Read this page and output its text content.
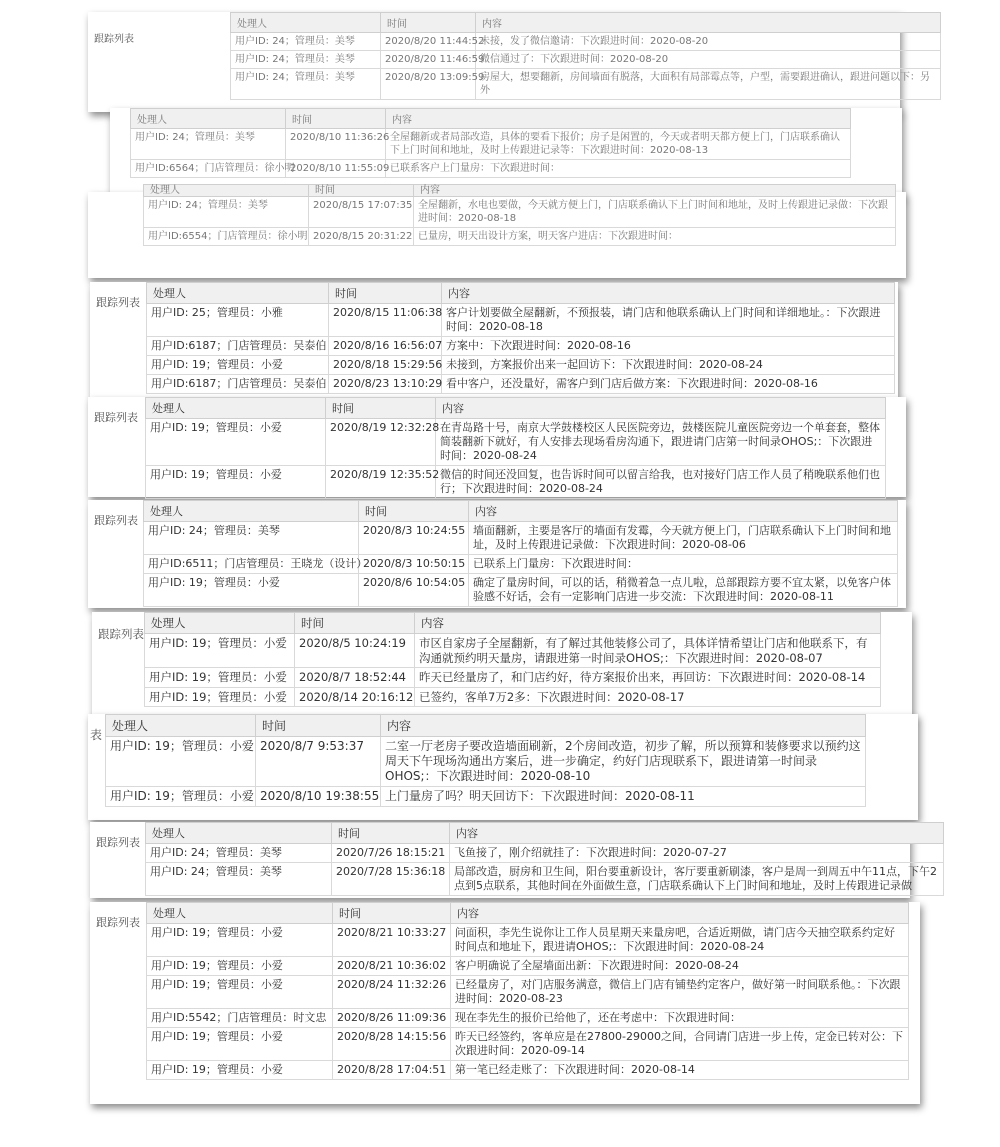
跟踪列表
处理人	时间	内容
用户ID: 24；管理员：美琴	2020/8/20 11:44:52	未接，发了微信邀请：下次跟进时间：2020-08-20
用户ID: 24；管理员：美琴	2020/8/20 11:46:59	微信通过了：下次跟进时间：2020-08-20
用户ID: 24；管理员：美琴	2020/8/20 13:09:59	房屋大，想要翻新，房间墙面有脱落，大面积有局部霉点等，户型，需要跟进确认，跟进问题以下：另外
处理人	时间	内容
用户ID: 24；管理员：美琴	2020/8/10 11:36:26	全屋翻新或者局部改造，具体的要看下报价；房子是闲置的，今天或者明天都方便上门，门店联系确认下上门时间和地址，及时上传跟进记录等：下次跟进时间：2020-08-13
用户ID:6564；门店管理员：徐小明	2020/8/10 11:55:09	已联系客户上门量房：下次跟进时间：
处理人	时间	内容
用户ID: 24；管理员：美琴	2020/8/15 17:07:35	全屋翻新，水电也要做，今天就方便上门，门店联系确认下上门时间和地址，及时上传跟进记录做：下次跟进时间：2020-08-18
用户ID:6554；门店管理员：徐小明	2020/8/15 20:31:22	已量房，明天出设计方案，明天客户进店：下次跟进时间：
跟踪列表
处理人	时间	内容
用户ID: 25；管理员：小雅	2020/8/15 11:06:38	客户计划要做全屋翻新，不预报装，请门店和他联系确认上门时间和详细地址。：下次跟进时间：2020-08-18
用户ID:6187；门店管理员：吴泰伯	2020/8/16 16:56:07	方案中：下次跟进时间：2020-08-16
用户ID: 19；管理员：小爱	2020/8/18 15:29:56	未接到，方案报价出来一起回访下：下次跟进时间：2020-08-24
用户ID:6187；门店管理员：吴泰伯	2020/8/23 13:10:29	看中客户，还没量好，需客户到门店后做方案：下次跟进时间：2020-08-16
跟踪列表
处理人	时间	内容
用户ID: 19；管理员：小爱	2020/8/19 12:32:28	在青岛路十号，南京大学鼓楼校区人民医院旁边，鼓楼医院儿童医院旁边一个单套套，整体简装翻新下就好，有人安排去现场看房沟通下，跟进请门店第一时间录OHOS;：下次跟进时间：2020-08-24
用户ID: 19；管理员：小爱	2020/8/19 12:35:52	微信的时间还没回复，也告诉时间可以留言给我，也对接好门店工作人员了稍晚联系他们也行；下次跟进时间：2020-08-24
跟踪列表
处理人	时间	内容
用户ID: 24；管理员：美琴	2020/8/3 10:24:55	墙面翻新，主要是客厅的墙面有发霉，今天就方便上门，门店联系确认下上门时间和地址，及时上传跟进记录做：下次跟进时间：2020-08-06
用户ID:6511；门店管理员：王晓龙（设计）	2020/8/3 10:50:15	已联系上门量房：下次跟进时间：
用户ID: 19；管理员：小爱	2020/8/6 10:54:05	确定了量房时间，可以的话，稍微着急一点儿啦，总部跟踪方要不宜太紧，以免客户体验感不好话，会有一定影响门店进一步交流：下次跟进时间：2020-08-11
跟踪列表
处理人	时间	内容
用户ID: 19；管理员：小爱	2020/8/5 10:24:19	市区自家房子全屋翻新，有了解过其他装修公司了，具体详情希望让门店和他联系下，有沟通就预约明天量房，请跟进第一时间录OHOS;：下次跟进时间：2020-08-07
用户ID: 19；管理员：小爱	2020/8/7 18:52:44	昨天已经量房了，和门店约好，待方案报价出来，再回访：下次跟进时间：2020-08-14
用户ID: 19；管理员：小爱	2020/8/14 20:16:12	已签约，客单7万2多：下次跟进时间：2020-08-17
表
处理人	时间	内容
用户ID: 19；管理员：小爱	2020/8/7 9:53:37	二室一厅老房子要改造墙面刷新，2个房间改造，初步了解，所以预算和装修要求以预约这周天下午现场沟通出方案后，进一步确定，约好门店现联系下，跟进请第一时间录OHOS;：下次跟进时间：2020-08-10
用户ID: 19；管理员：小爱	2020/8/10 19:38:55	上门量房了吗？明天回访下：下次跟进时间：2020-08-11
跟踪列表
处理人	时间	内容
用户ID: 24；管理员：美琴	2020/7/26 18:15:21	飞鱼接了，刚介绍就挂了：下次跟进时间：2020-07-27
用户ID: 24；管理员：美琴	2020/7/28 15:36:18	局部改造，厨房和卫生间，阳台要重新设计，客厅要重新刷漆，客户是周一到周五中午11点，下午2点到5点联系，其他时间在外面做生意，门店联系确认下上门时间和地址，及时上传跟进记录做
跟踪列表
处理人	时间	内容
用户ID: 19；管理员：小爱	2020/8/21 10:33:27	问面积，李先生说你让工作人员星期天来量房吧，合适近期做，请门店今天抽空联系约定好时间点和地址下，跟进请OHOS;：下次跟进时间：2020-08-24
用户ID: 19；管理员：小爱	2020/8/21 10:36:02	客户明确说了全屋墙面出新：下次跟进时间：2020-08-24
用户ID: 19；管理员：小爱	2020/8/24 11:32:26	已经量房了，对门店服务满意，微信上门店有铺垫约定客户，做好第一时间联系他。：下次跟进时间：2020-08-23
用户ID:5542；门店管理员：时文忠	2020/8/26 11:09:36	现在李先生的报价已给他了，还在考虑中：下次跟进时间：
用户ID: 19；管理员：小爱	2020/8/28 14:15:56	昨天已经签约，客单应是在27800-29000之间，合同请门店进一步上传，定金已转对公：下次跟进时间：2020-09-14
用户ID: 19；管理员：小爱	2020/8/28 17:04:51	第一笔已经走账了：下次跟进时间：2020-08-14
